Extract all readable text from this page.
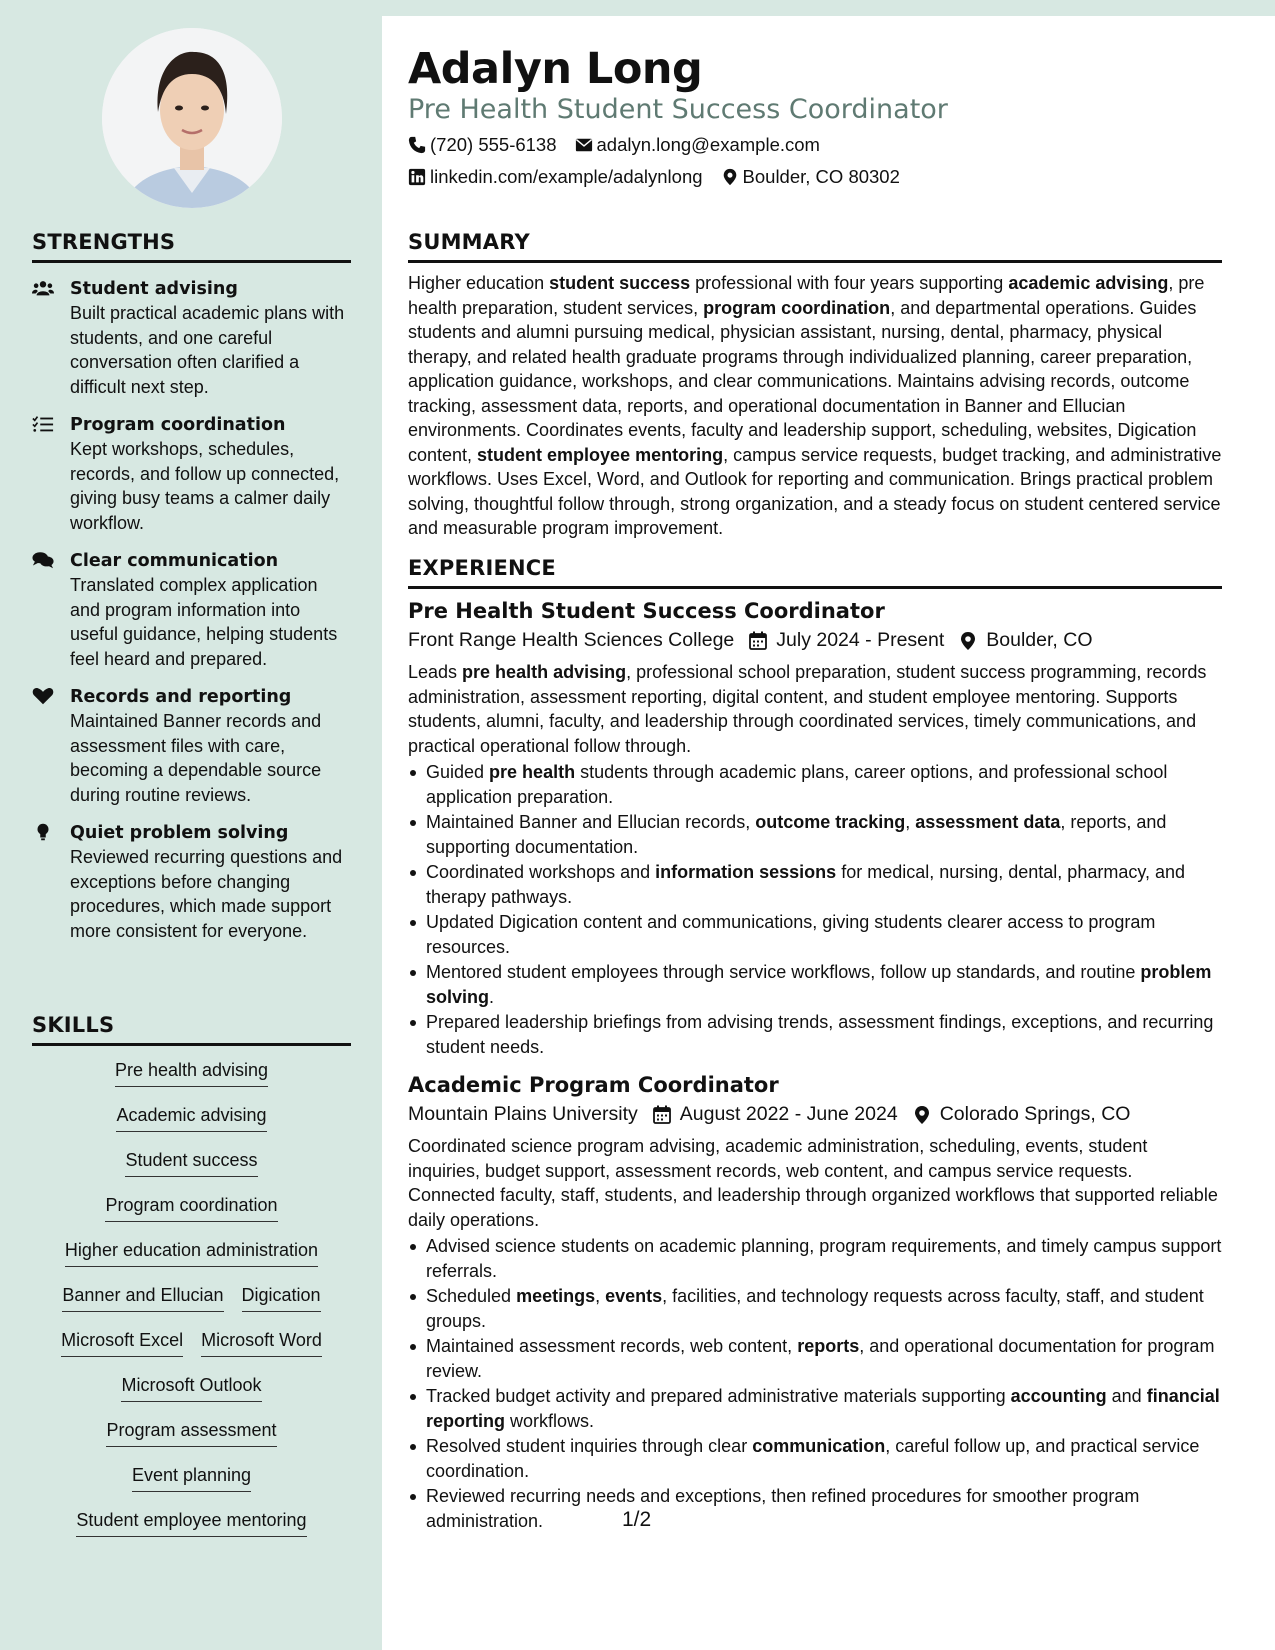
STRENGTHS
Student advising
Built practical academic plans with students, and one careful conversation often clarified a difficult next step.
Program coordination
Kept workshops, schedules, records, and follow up connected, giving busy teams a calmer daily workflow.
Clear communication
Translated complex application and program information into useful guidance, helping students feel heard and prepared.
Records and reporting
Maintained Banner records and assessment files with care, becoming a dependable source during routine reviews.
Quiet problem solving
Reviewed recurring questions and exceptions before changing procedures, which made support more consistent for everyone.
SKILLS
Pre health advising
Academic advising
Student success
Program coordination
Higher education administration
Banner and Ellucian Digication
Microsoft Excel Microsoft Word
Microsoft Outlook
Program assessment
Event planning
Student employee mentoring
Adalyn Long
Pre Health Student Success Coordinator
(720) 555-6138 adalyn.long@example.com
linkedin.com/example/adalynlong Boulder, CO 80302
SUMMARY
Higher education student success professional with four years supporting academic advising, pre health preparation, student services, program coordination, and departmental operations. Guides students and alumni pursuing medical, physician assistant, nursing, dental, pharmacy, physical therapy, and related health graduate programs through individualized planning, career preparation, application guidance, workshops, and clear communications. Maintains advising records, outcome tracking, assessment data, reports, and operational documentation in Banner and Ellucian environments. Coordinates events, faculty and leadership support, scheduling, websites, Digication content, student employee mentoring, campus service requests, budget tracking, and administrative workflows. Uses Excel, Word, and Outlook for reporting and communication. Brings practical problem solving, thoughtful follow through, strong organization, and a steady focus on student centered service and measurable program improvement.
EXPERIENCE
Pre Health Student Success Coordinator
Front Range Health Sciences College July 2024 - Present Boulder, CO
Leads pre health advising, professional school preparation, student success programming, records administration, assessment reporting, digital content, and student employee mentoring. Supports students, alumni, faculty, and leadership through coordinated services, timely communications, and practical operational follow through.
Guided pre health students through academic plans, career options, and professional school application preparation.
Maintained Banner and Ellucian records, outcome tracking, assessment data, reports, and supporting documentation.
Coordinated workshops and information sessions for medical, nursing, dental, pharmacy, and therapy pathways.
Updated Digication content and communications, giving students clearer access to program resources.
Mentored student employees through service workflows, follow up standards, and routine problem solving.
Prepared leadership briefings from advising trends, assessment findings, exceptions, and recurring student needs.
Academic Program Coordinator
Mountain Plains University August 2022 - June 2024 Colorado Springs, CO
Coordinated science program advising, academic administration, scheduling, events, student inquiries, budget support, assessment records, web content, and campus service requests. Connected faculty, staff, students, and leadership through organized workflows that supported reliable daily operations.
Advised science students on academic planning, program requirements, and timely campus support referrals.
Scheduled meetings, events, facilities, and technology requests across faculty, staff, and student groups.
Maintained assessment records, web content, reports, and operational documentation for program review.
Tracked budget activity and prepared administrative materials supporting accounting and financial reporting workflows.
Resolved student inquiries through clear communication, careful follow up, and practical service coordination.
Reviewed recurring needs and exceptions, then refined procedures for smoother program administration.	1/2
